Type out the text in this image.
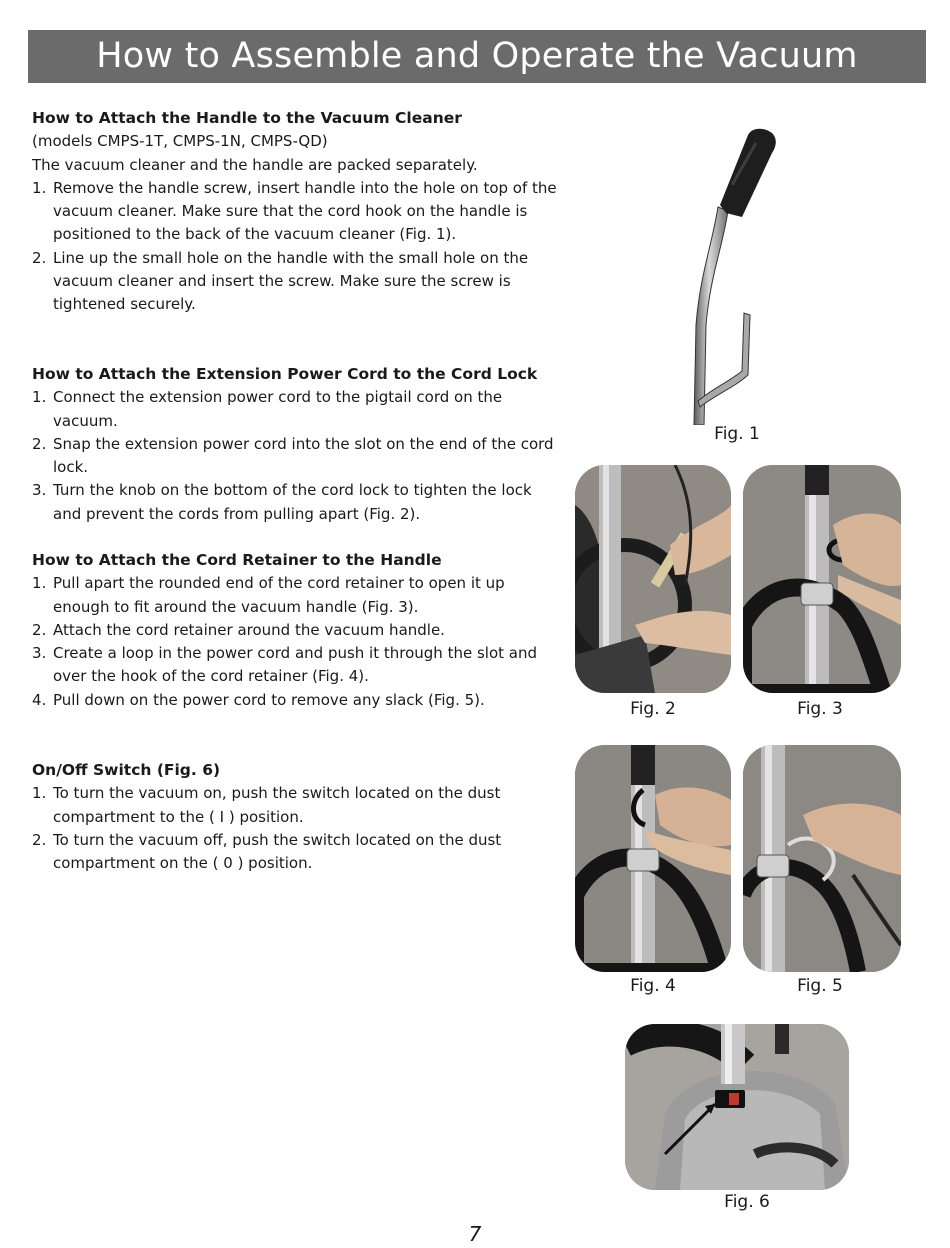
How to Assemble and Operate the Vacuum
How to Attach the Handle to the Vacuum Cleaner

(models CMPS-1T, CMPS-1N, CMPS-QD)

The vacuum cleaner and the handle are packed separately.

1. Remove the handle screw, insert handle into the hole on top of the vacuum cleaner. Make sure that the cord hook on the handle is positioned to the back of the vacuum cleaner (Fig. 1).
2. Line up the small hole on the handle with the small hole on the vacuum cleaner and insert the screw. Make sure the screw is tightened securely.
How to Attach the Extension Power Cord to the Cord Lock
1. Connect the extension power cord to the pigtail cord on the vacuum.
2. Snap the extension power cord into the slot on the end of the cord lock.
3. Turn the knob on the bottom of the cord lock to tighten the lock and prevent the cords from pulling apart (Fig. 2).
How to Attach the Cord Retainer to the Handle
1. Pull apart the rounded end of the cord retainer to open it up enough to fit around the vacuum handle (Fig. 3).
2. Attach the cord retainer around the vacuum handle.
3. Create a loop in the power cord and push it through the slot and over the hook of the cord retainer (Fig. 4).
4. Pull down on the power cord to remove any slack (Fig. 5).
On/Off Switch (Fig. 6)
1. To turn the vacuum on, push the switch located on the dust compartment to the ( I ) position.
2. To turn the vacuum off, push the switch located on the dust compartment on the ( 0 ) position.
Fig. 1
Fig. 2	Fig. 3
Fig. 4	Fig. 5
Fig. 6
7
